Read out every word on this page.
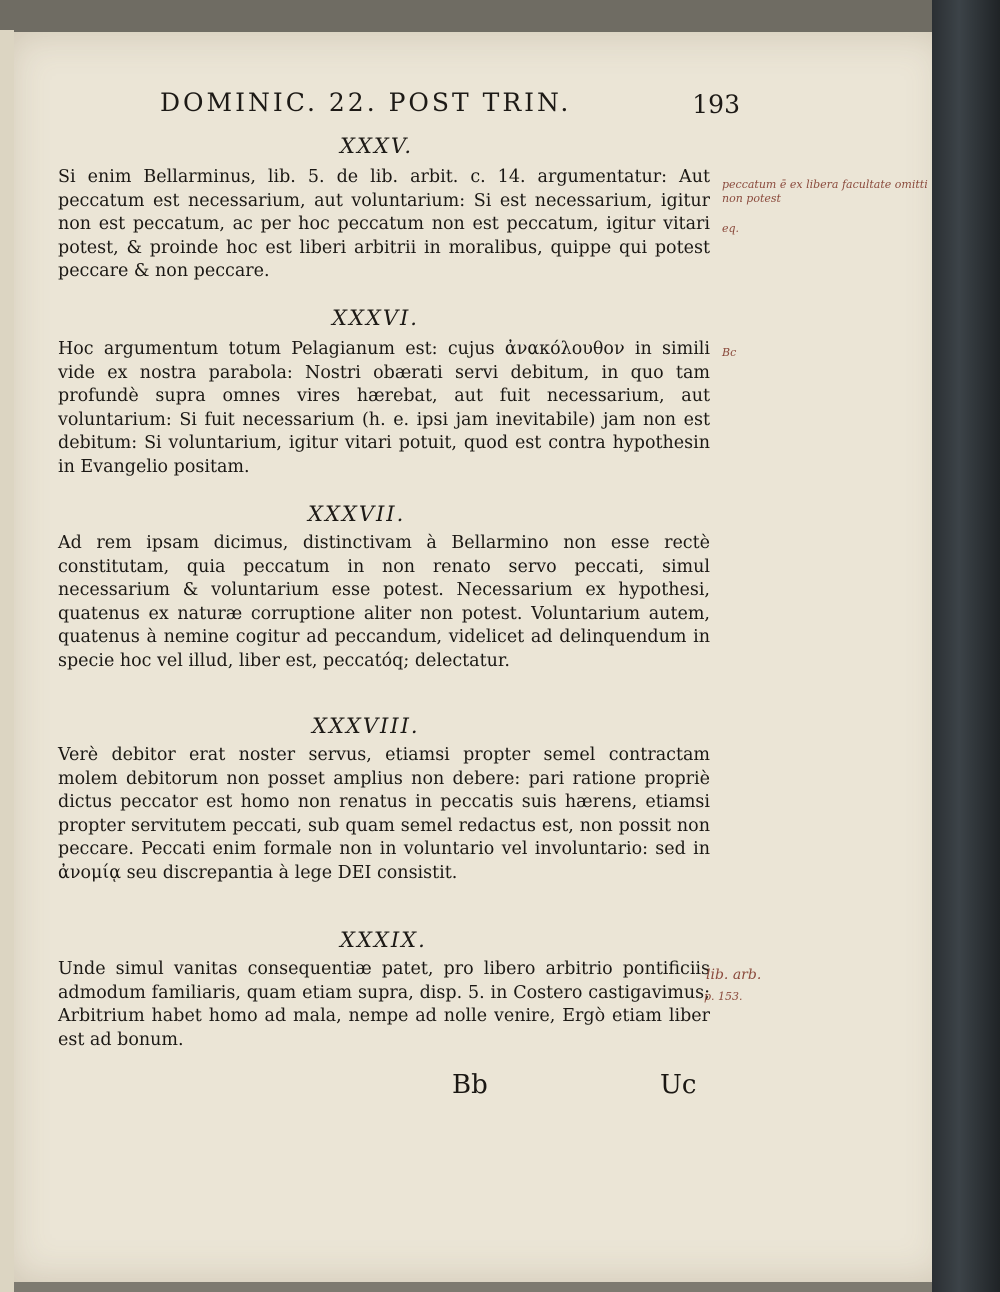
DOMINIC. 22. POST TRIN.	193
XXXV.
Si enim Bellarminus, lib. 5. de lib. arbit. c. 14. argumentatur: Aut peccatum est necessarium, aut voluntarium: Si est necessarium, igitur non est peccatum, ac per hoc peccatum non est peccatum, igitur vitari potest, & proinde hoc est liberi arbitrii in moralibus, quippe qui potest peccare & non peccare.
XXXVI.
Hoc argumentum totum Pelagianum est: cujus ἀνακόλουθον in simili vide ex nostra parabola: Nostri obærati servi debitum, in quo tam profundè supra omnes vires hærebat, aut fuit necessarium, aut voluntarium: Si fuit necessarium (h. e. ipsi jam inevitabile) jam non est debitum: Si voluntarium, igitur vitari potuit, quod est contra hypothesin in Evangelio positam.
XXXVII.
Ad rem ipsam dicimus, distinctivam à Bellarmino non esse rectè constitutam, quia peccatum in non renato servo peccati, simul necessarium & voluntarium esse potest. Necessarium ex hypothesi, quatenus ex naturæ corruptione aliter non potest. Voluntarium autem, quatenus à nemine cogitur ad peccandum, videlicet ad delinquendum in specie hoc vel illud, liber est, peccatóq; delectatur.
XXXVIII.
Verè debitor erat noster servus, etiamsi propter semel contractam molem debitorum non posset amplius non debere: pari ratione propriè dictus peccator est homo non renatus in peccatis suis hærens, etiamsi propter servitutem peccati, sub quam semel redactus est, non possit non peccare. Peccati enim formale non in voluntario vel involuntario: sed in ἀνομίᾳ seu discrepantia à lege DEI consistit.
XXXIX.
Unde simul vanitas consequentiæ patet, pro libero arbitrio pontificiis admodum familiaris, quam etiam supra, disp. 5. in Costero castigavimus; Arbitrium habet homo ad mala, nempe ad nolle venire, Ergò etiam liber est ad bonum.
Bb	Uc
peccatum ē ex libera facultate omitti non potest
eq.
Bc
lib. arb.
p. 153.
